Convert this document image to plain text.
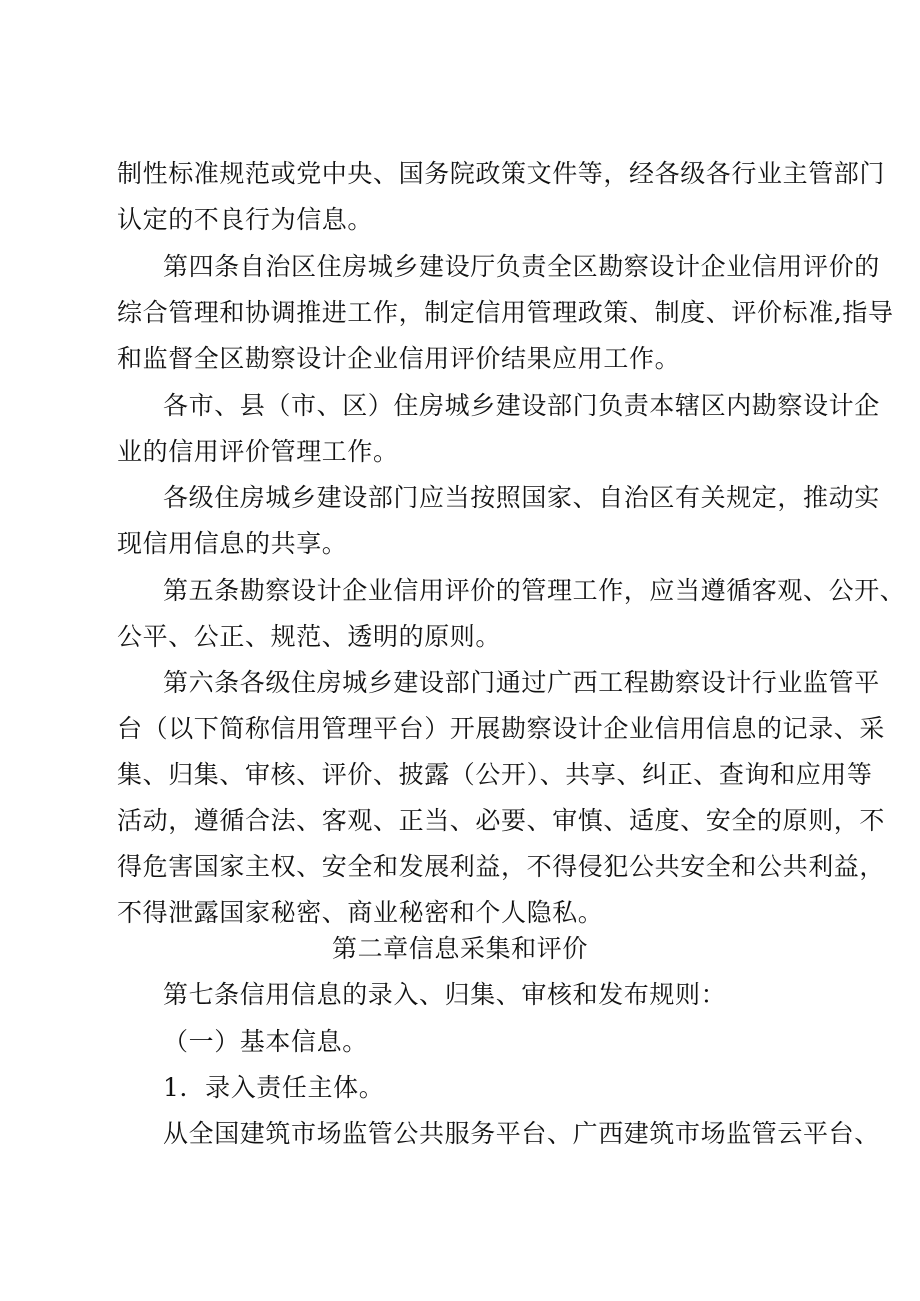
制性标准规范或党中央、国务院政策文件等，经各级各行业主管部门
认定的不良行为信息。
第四条自治区住房城乡建设厅负责全区勘察设计企业信用评价的
综合管理和协调推进工作，制定信用管理政策、制度、评价标准,指导
和监督全区勘察设计企业信用评价结果应用工作。
各市、县（市、区）住房城乡建设部门负责本辖区内勘察设计企
业的信用评价管理工作。
各级住房城乡建设部门应当按照国家、自治区有关规定，推动实
现信用信息的共享。
第五条勘察设计企业信用评价的管理工作，应当遵循客观、公开、
公平、公正、规范、透明的原则。
第六条各级住房城乡建设部门通过广西工程勘察设计行业监管平
台（以下简称信用管理平台）开展勘察设计企业信用信息的记录、采
集、归集、审核、评价、披露（公开）、共享、纠正、查询和应用等
活动，遵循合法、客观、正当、必要、审慎、适度、安全的原则，不
得危害国家主权、安全和发展利益，不得侵犯公共安全和公共利益，
不得泄露国家秘密、商业秘密和个人隐私。
第二章信息采集和评价
第七条信用信息的录入、归集、审核和发布规则：
（一）基本信息。
1．录入责任主体。
从全国建筑市场监管公共服务平台、广西建筑市场监管云平台、
